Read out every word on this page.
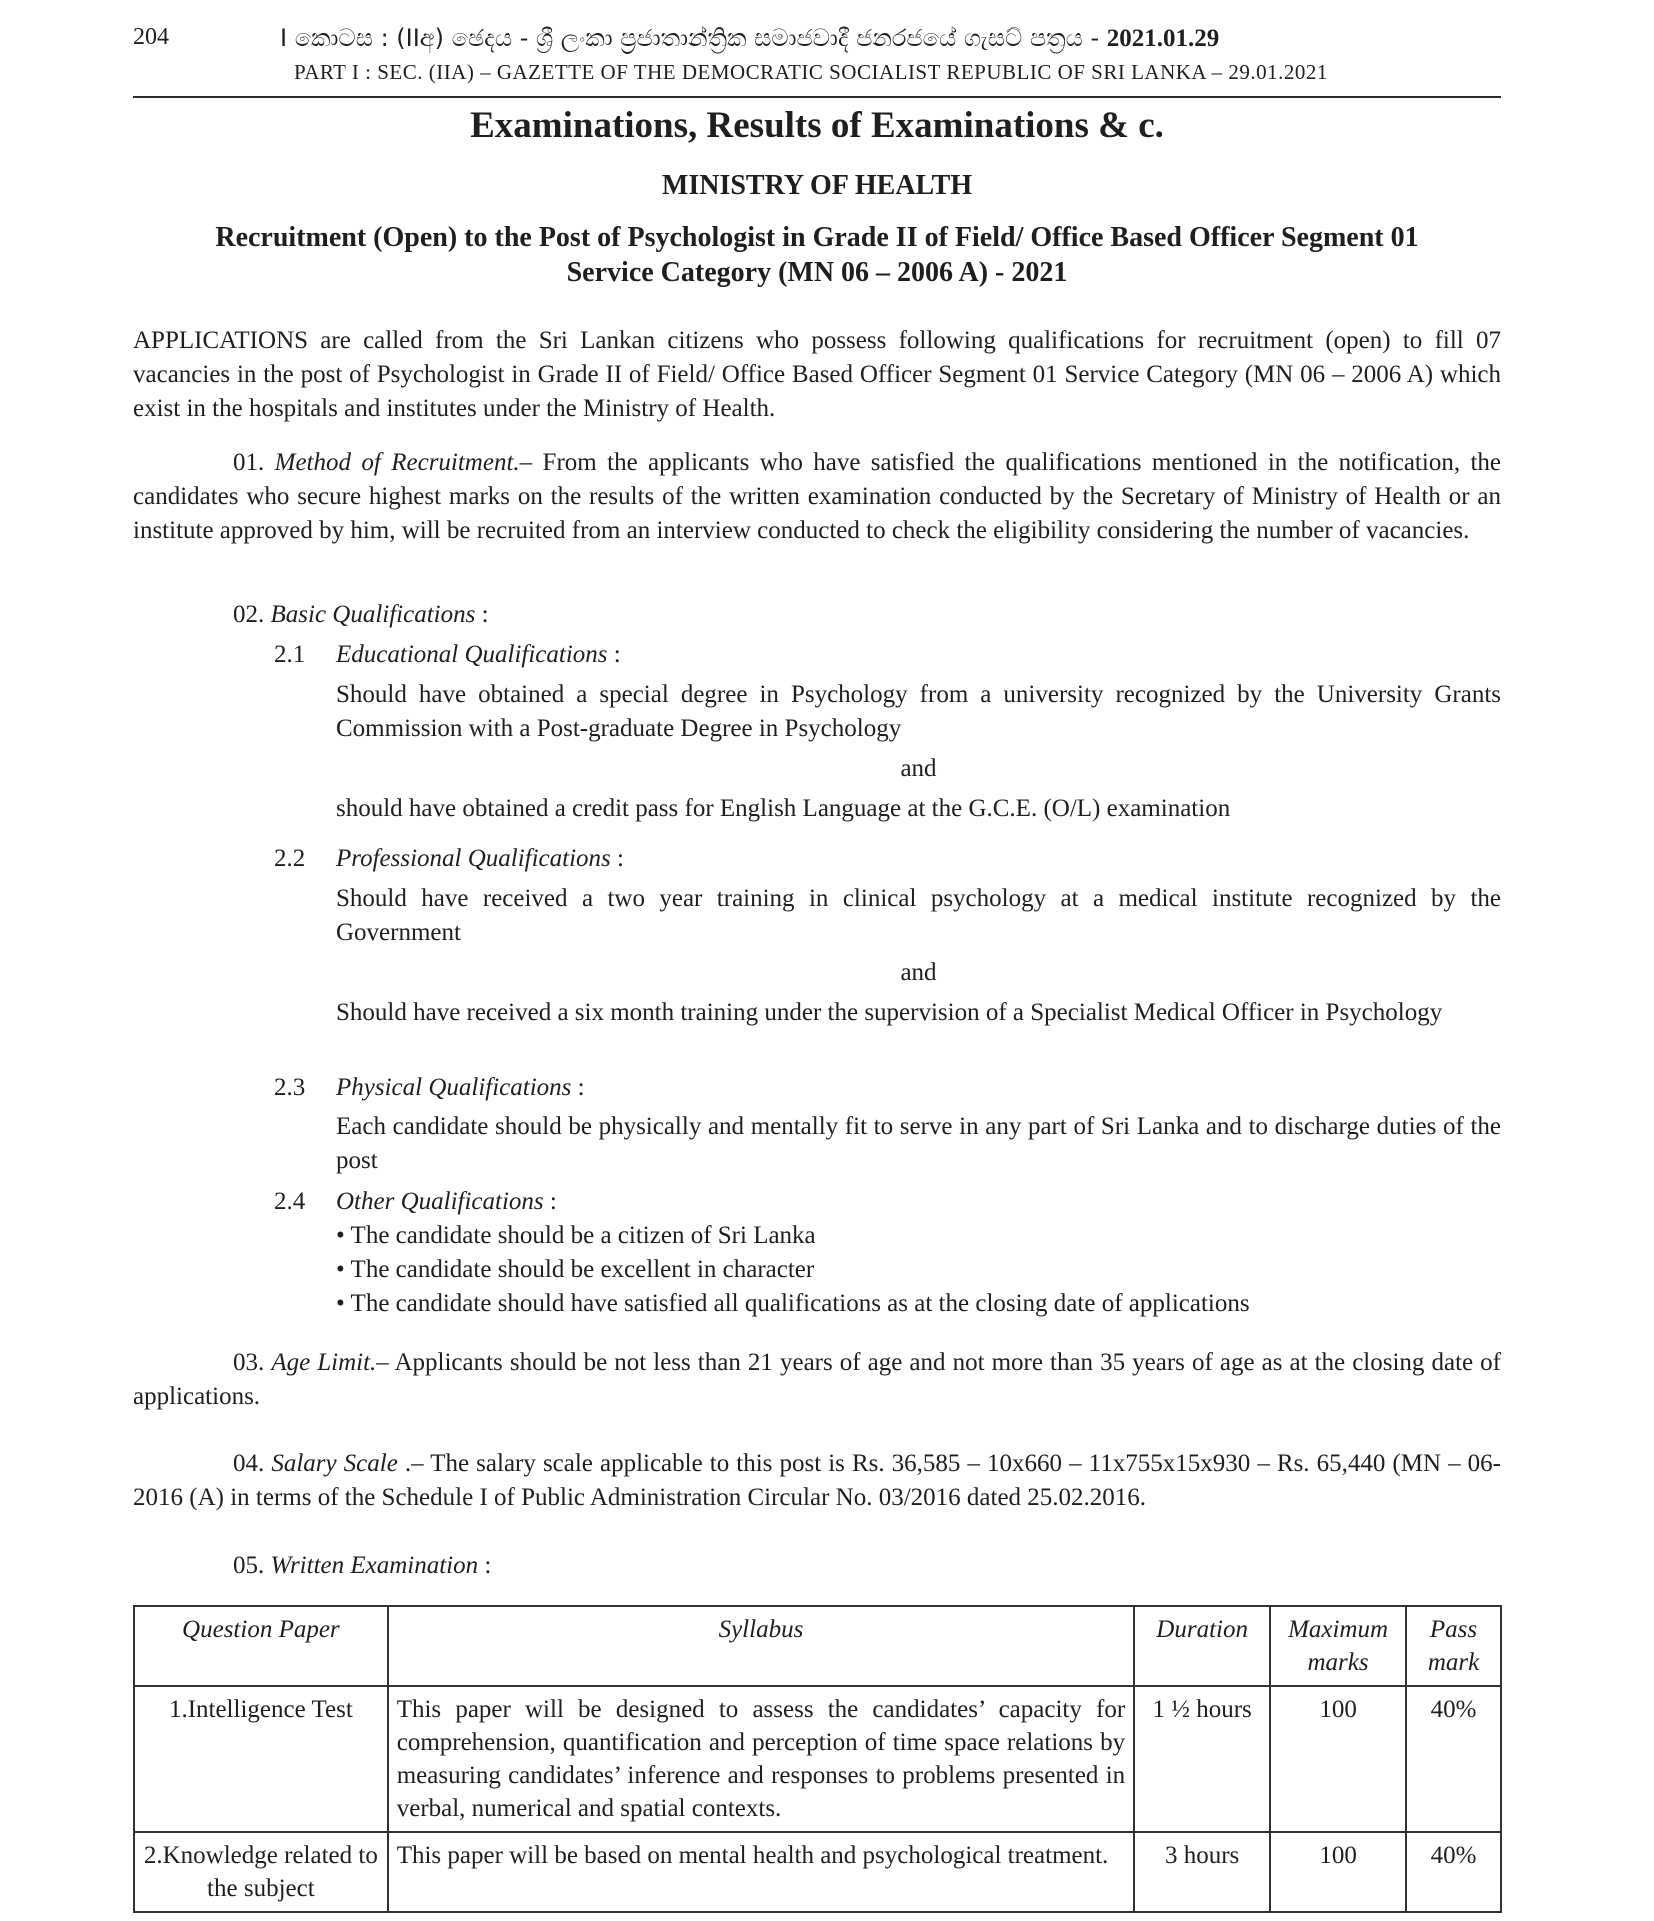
204	I කොටස : (IIඅ) ඡෙදය - ශ්‍රී ලංකා ප්‍රජාතාන්ත්‍රික සමාජවාදී ජනරජයේ ගැසට් පත්‍රය - 2021.01.29
PART I : SEC. (IIA) – GAZETTE OF THE DEMOCRATIC SOCIALIST REPUBLIC OF SRI LANKA – 29.01.2021
Examinations, Results of Examinations & c.
MINISTRY OF HEALTH
Recruitment (Open) to the Post of Psychologist in Grade II of Field/ Office Based Officer Segment 01
Service Category (MN 06 – 2006 A) - 2021
APPLICATIONS are called from the Sri Lankan citizens who possess following qualifications for recruitment (open) to fill 07 vacancies in the post of Psychologist in Grade II of Field/ Office Based Officer Segment 01 Service Category (MN 06 – 2006 A) which exist in the hospitals and institutes under the Ministry of Health.
01. Method of Recruitment.– From the applicants who have satisfied the qualifications mentioned in the notification, the candidates who secure highest marks on the results of the written examination conducted by the Secretary of Ministry of Health or an institute approved by him, will be recruited from an interview conducted to check the eligibility considering the number of vacancies.
02. Basic Qualifications :
2.1 Educational Qualifications :
Should have obtained a special degree in Psychology from a university recognized by the University Grants Commission with a Post-graduate Degree in Psychology
and
should have obtained a credit pass for English Language at the G.C.E. (O/L) examination
2.2 Professional Qualifications :
Should have received a two year training in clinical psychology at a medical institute recognized by the Government
and
Should have received a six month training under the supervision of a Specialist Medical Officer in Psychology
2.3 Physical Qualifications :
Each candidate should be physically and mentally fit to serve in any part of Sri Lanka and to discharge duties of the post
2.4 Other Qualifications :
• The candidate should be a citizen of Sri Lanka
• The candidate should be excellent in character
• The candidate should have satisfied all qualifications as at the closing date of applications
03. Age Limit.– Applicants should be not less than 21 years of age and not more than 35 years of age as at the closing date of applications.
04. Salary Scale .– The salary scale applicable to this post is Rs. 36,585 – 10x660 – 11x755x15x930 – Rs. 65,440 (MN – 06-2016 (A) in terms of the Schedule I of Public Administration Circular No. 03/2016 dated 25.02.2016.
05. Written Examination :
Question Paper	Syllabus	Duration	Maximum marks	Pass mark
1.Intelligence Test	This paper will be designed to assess the candidates’ capacity for comprehension, quantification and perception of time space relations by measuring candidates’ inference and responses to problems presented in verbal, numerical and spatial contexts.	1 ½ hours	100	40%
2.Knowledge related to the subject	This paper will be based on mental health and psychological treatment.	3 hours	100	40%
